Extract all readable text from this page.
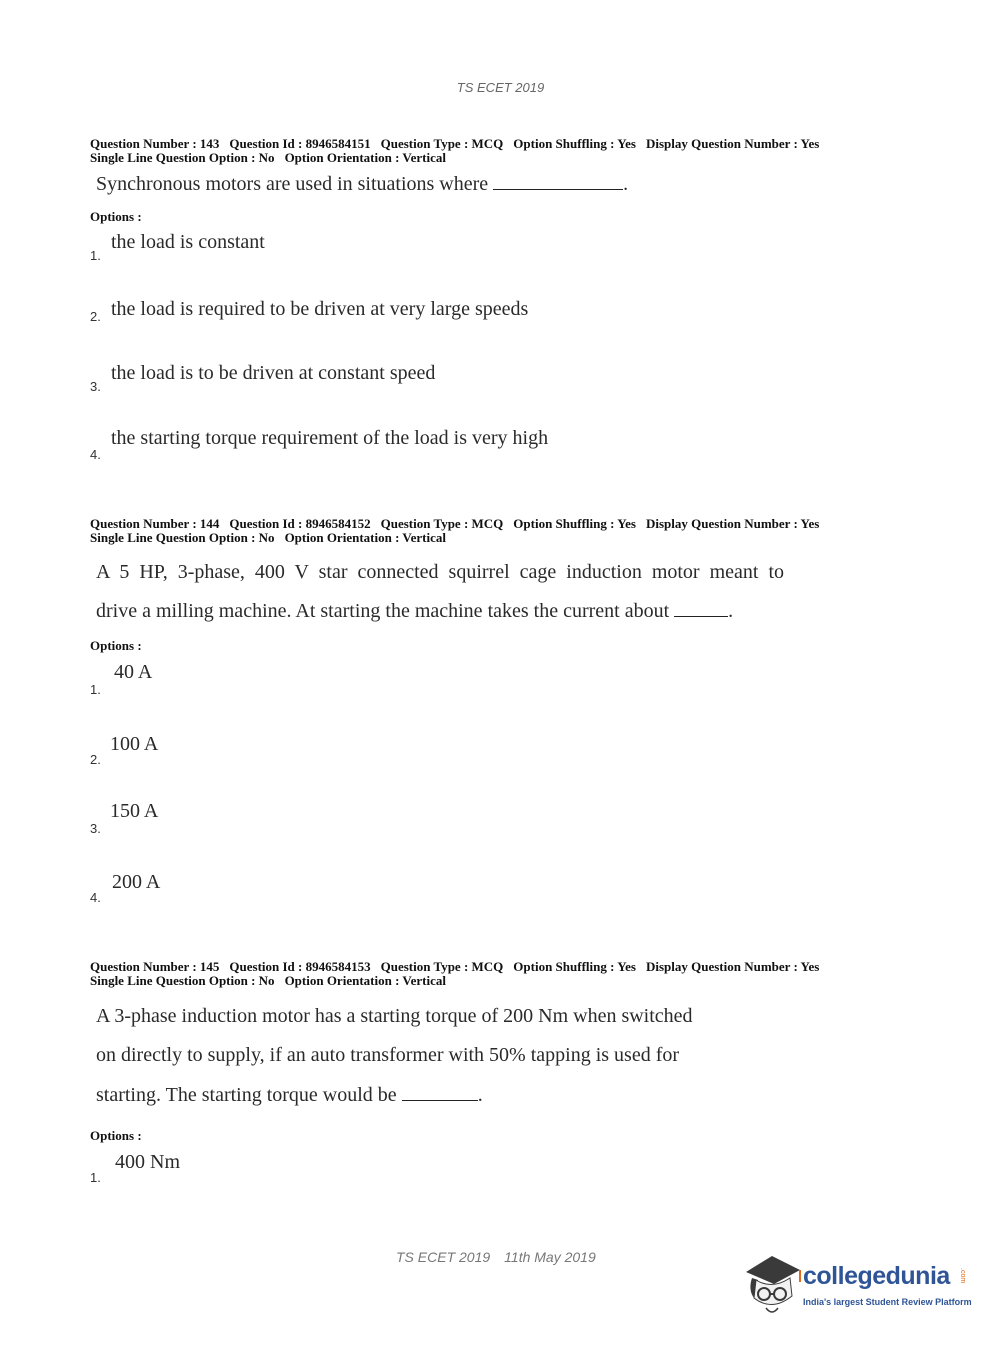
TS ECET 2019
Question Number : 143 Question Id : 8946584151 Question Type : MCQ Option Shuffling : Yes Display Question Number : Yes
Single Line Question Option : No Option Orientation : Vertical
Synchronous motors are used in situations where	.
Options :
1.
the load is constant
2. the load is required to be driven at very large speeds
3.
the load is to be driven at constant speed
4.
the starting torque requirement of the load is very high
Question Number : 144 Question Id : 8946584152 Question Type : MCQ Option Shuffling : Yes Display Question Number : Yes
Single Line Question Option : No Option Orientation : Vertical
A 5 HP, 3-phase, 400 V star connected squirrel cage induction motor meant to
drive a milling machine. At starting the machine takes the current about	.
Options :
1.
40 A
2.
100 A
3.
150 A
4.
200 A
Question Number : 145 Question Id : 8946584153 Question Type : MCQ Option Shuffling : Yes Display Question Number : Yes
Single Line Question Option : No Option Orientation : Vertical
A 3-phase induction motor has a starting torque of 200 Nm when switched
on directly to supply, if an auto transformer with 50% tapping is used for
starting. The starting torque would be	.
Options :
1.
400 Nm
TS ECET 2019 11th May 2019
collegedunia .com
India's largest Student Review Platform
